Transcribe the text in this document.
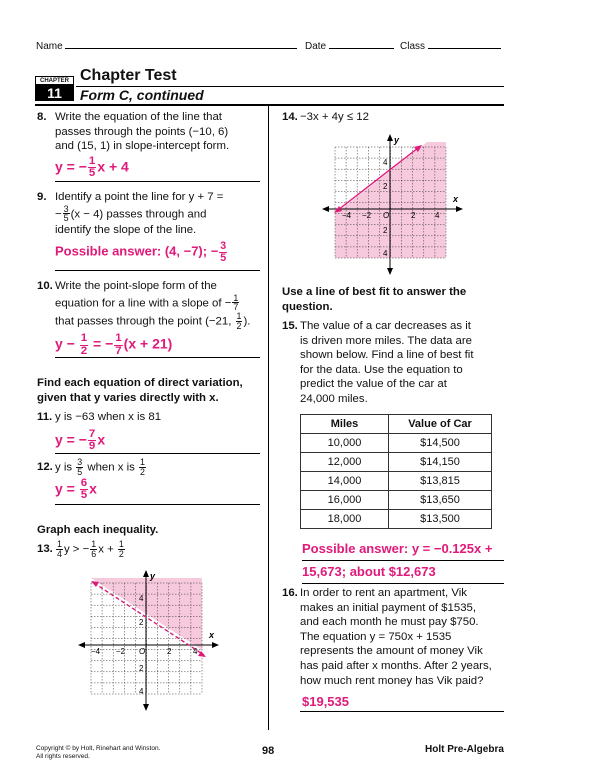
Name	Date	Class
CHAPTER
11
Chapter Test
Form C, continued
8. Write the equation of the line that
passes through the points (−10, 6)
and (15, 1) in slope-intercept form.
y = − $\frac{1}{5}$ x + 4
9. Identify a point the line for y + 7 =
− $\frac{3}{5} (x - 4)$ passes through and
identify the slope of the line.
Possible answer: (4, −7); − $\frac{3}{5}$
10. Write the point-slope form of the
equation for a line with a slope of − $\frac{1}{7}$
that passes through the point (−21, $\frac{1}{2}$ ).
$y - \frac{1}{2}$ = − $\frac{1}{7} (x + 21)$
Find each equation of direct variation,
given that y varies directly with x.
11. y is −63 when x is 81
y = − $\frac{7}{9}$ x
12. y is $\frac{3}{5}$ when x is $\frac{1}{2}$
$y = \frac{6}{5}$ x
Graph each inequality.
13. $\frac{1}{4}$ y > − $\frac{1}{6}$ $x + \frac{1}{2}$
y
x
−4 −2 O	2	4
4
2
2
4
14. −3x + 4y ≤ 12
y
x
−4 −2 O	2 4
4
2
2
4
Use a line of best fit to answer the
question.
15. The value of a car decreases as it
is driven more miles. The data are
shown below. Find a line of best fit
for the data. Use the equation to
predict the value of the car at
24,000 miles.
Miles	Value of Car
10,000	$14,500
12,000	$14,150
14,000	$13,815
16,000	$13,650
18,000	$13,500
Possible answer: y = −0.125x +
15,673; about $12,673
16. In order to rent an apartment, Vik
makes an initial payment of $1535,
and each month he must pay $750.
The equation y = 750x + 1535
represents the amount of money Vik
has paid after x months. After 2 years,
how much rent money has Vik paid?
$19,535
Copyright © by Holt, Rinehart and Winston.
All rights reserved.	98	Holt Pre-Algebra
